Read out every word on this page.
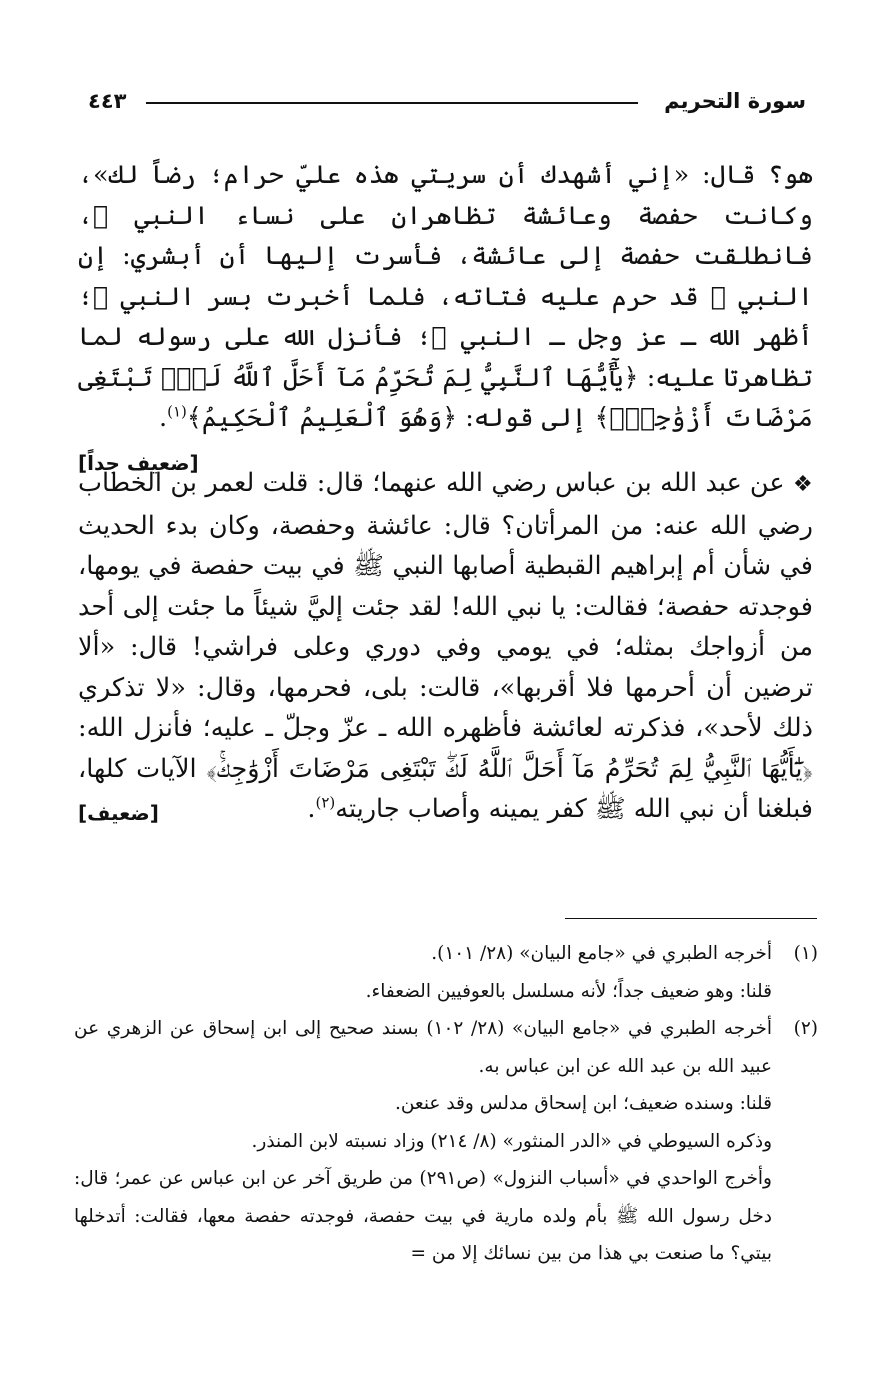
سورة التحريم
٤٤٣
هو؟ قال: «إني أشهدك أن سريتي هذه عليّ حرام؛ رضاً لك»، وكانت حفصة وعائشة تظاهران على نساء النبي ﷺ، فانطلقت حفصة إلى عائشة، فأسرت إليها أن أبشري: إن النبي ﷺ قد حرم عليه فتاته، فلما أخبرت بسر النبي ﷺ؛ أظهر الله ـ عز وجل ـ النبي ﷺ؛ فأنزل الله على رسوله لما تظاهرتا عليه: ﴿يَٰٓأَيُّهَا ٱلنَّبِيُّ لِمَ تُحَرِّمُ مَآ أَحَلَّ ٱللَّهُ لَكَۖ تَبْتَغِى مَرْضَاتَ أَزْوَٰجِكَۚ﴾ إلى قوله: ﴿وَهُوَ ٱلْعَلِيمُ ٱلْحَكِيمُ﴾$^{(١)}$.
[ضعيف جداً]
❖ عن عبد الله بن عباس رضي الله عنهما؛ قال: قلت لعمر بن الخطاب رضي الله عنه: من المرأتان؟ قال: عائشة وحفصة، وكان بدء الحديث في شأن أم إبراهيم القبطية أصابها النبي ﷺ في بيت حفصة في يومها، فوجدته حفصة؛ فقالت: يا نبي الله! لقد جئت إليَّ شيئاً ما جئت إلى أحد من أزواجك بمثله؛ في يومي وفي دوري وعلى فراشي! قال: «ألا ترضين أن أحرمها فلا أقربها»، قالت: بلى، فحرمها، وقال: «لا تذكري ذلك لأحد»، فذكرته لعائشة فأظهره الله ـ عزّ وجلّ ـ عليه؛ فأنزل الله: ﴿يَٰٓأَيُّهَا ٱلنَّبِيُّ لِمَ تُحَرِّمُ مَآ أَحَلَّ ٱللَّهُ لَكَۖ تَبْتَغِى مَرْضَاتَ أَزْوَٰجِكَۚ﴾ الآيات كلها، فبلغنا أن نبي الله ﷺ كفر يمينه وأصاب جاريته$^{(٢)}$.
[ضعيف]
(١)
أخرجه الطبري في «جامع البيان» (٢٨/ ١٠١).
قلنا: وهو ضعيف جداً؛ لأنه مسلسل بالعوفيين الضعفاء.
(٢)
أخرجه الطبري في «جامع البيان» (٢٨/ ١٠٢) بسند صحيح إلى ابن إسحاق عن الزهري عن عبيد الله بن عبد الله عن ابن عباس به.
قلنا: وسنده ضعيف؛ ابن إسحاق مدلس وقد عنعن.
وذكره السيوطي في «الدر المنثور» (٨/ ٢١٤) وزاد نسبته لابن المنذر.
وأخرج الواحدي في «أسباب النزول» (ص٢٩١) من طريق آخر عن ابن عباس عن عمر؛ قال: دخل رسول الله ﷺ بأم ولده مارية في بيت حفصة، فوجدته حفصة معها، فقالت: أتدخلها بيتي؟ ما صنعت بي هذا من بين نسائك إلا من =
